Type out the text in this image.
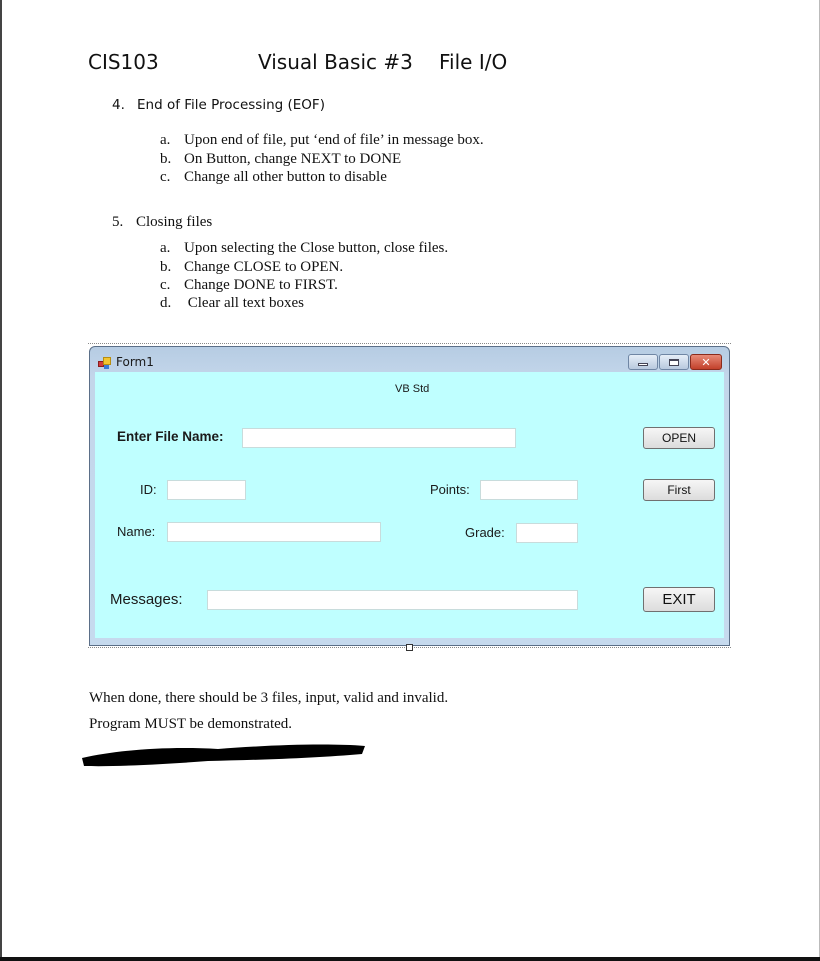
CIS103	Visual Basic #3 File I/O
4. End of File Processing (EOF)
a. Upon end of file, put ‘end of file’ in message box.
b. On Button, change NEXT to DONE
c. Change all other button to disable
5. Closing files
a. Upon selecting the Close button, close files.
b. Change CLOSE to OPEN.
c. Change DONE to FIRST.
d. Clear all text boxes
Form1	✕
VB Std
Enter File Name:	OPEN
ID:	Points:	First
Name:	Grade:
Messages:	EXIT
When done, there should be 3 files, input, valid and invalid.
Program MUST be demonstrated.
